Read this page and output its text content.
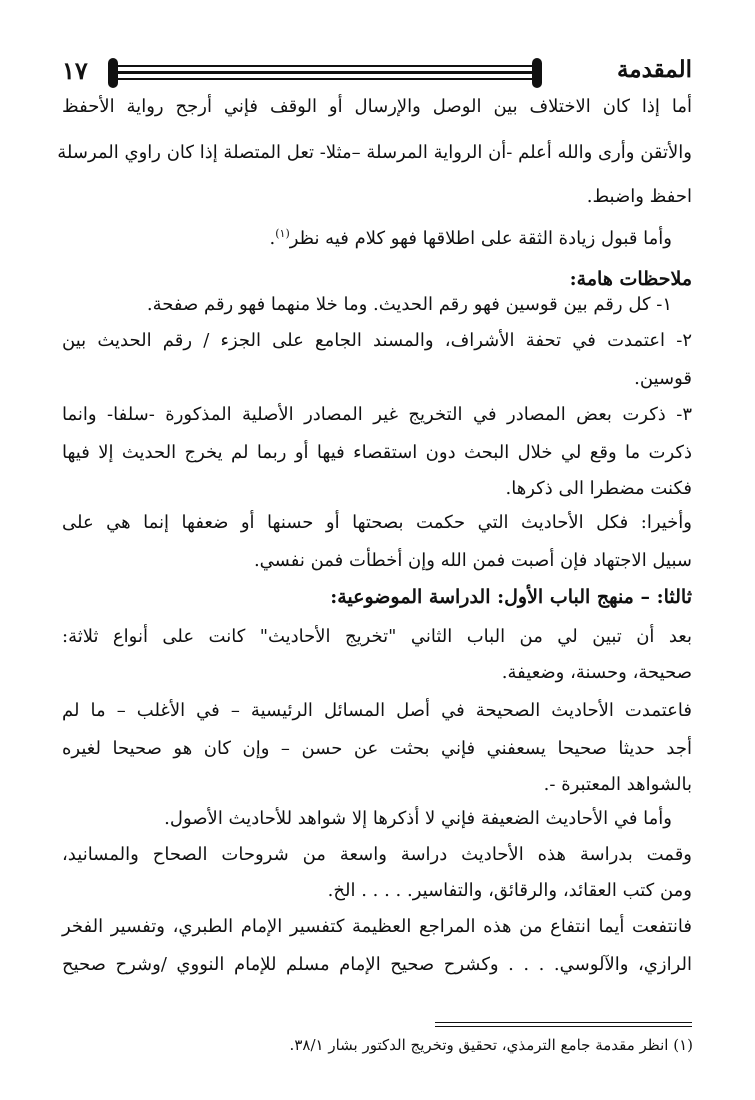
١٧	المقدمة
أما إذا كان الاختلاف بين الوصل والإرسال أو الوقف فإني أرجح رواية الأحفظ
والأتقن وأرى والله أعلم -أن الرواية المرسلة –مثلا- تعل المتصلة إذا كان راوي المرسلة
احفظ واضبط.
وأما قبول زيادة الثقة على اطلاقها فهو كلام فيه نظر$^{(١)}$.
ملاحظات هامة:
١- كل رقم بين قوسين فهو رقم الحديث. وما خلا منهما فهو رقم صفحة.
٢- اعتمدت في تحفة الأشراف، والمسند الجامع على الجزء / رقم الحديث بين
قوسين.
٣- ذكرت بعض المصادر في التخريج غير المصادر الأصلية المذكورة -سلفا- وانما
ذكرت ما وقع لي خلال البحث دون استقصاء فيها أو ربما لم يخرج الحديث إلا فيها
فكنت مضطرا الى ذكرها.
وأخيرا: فكل الأحاديث التي حكمت بصحتها أو حسنها أو ضعفها إنما هي على
سبيل الاجتهاد فإن أصبت فمن الله وإن أخطأت فمن نفسي.
ثالثا: – منهج الباب الأول: الدراسة الموضوعية:
بعد أن تبين لي من الباب الثاني "تخريج الأحاديث" كانت على أنواع ثلاثة:
صحيحة، وحسنة، وضعيفة.
فاعتمدت الأحاديث الصحيحة في أصل المسائل الرئيسية – في الأغلب – ما لم
أجد حديثا صحيحا يسعفني فإني بحثت عن حسن – وإن كان هو صحيحا لغيره
بالشواهد المعتبرة -.
وأما في الأحاديث الضعيفة فإني لا أذكرها إلا شواهد للأحاديث الأصول.
وقمت بدراسة هذه الأحاديث دراسة واسعة من شروحات الصحاح والمسانيد،
ومن كتب العقائد، والرقائق، والتفاسير. . . . . الخ.
فانتفعت أيما انتفاع من هذه المراجع العظيمة كتفسير الإمام الطبري، وتفسير الفخر
الرازي، والآلوسي. . . . وكشرح صحيح الإمام مسلم للإمام النووي /وشرح صحيح
(١) انظر مقدمة جامع الترمذي، تحقيق وتخريج الدكتور بشار ٣٨/١.
